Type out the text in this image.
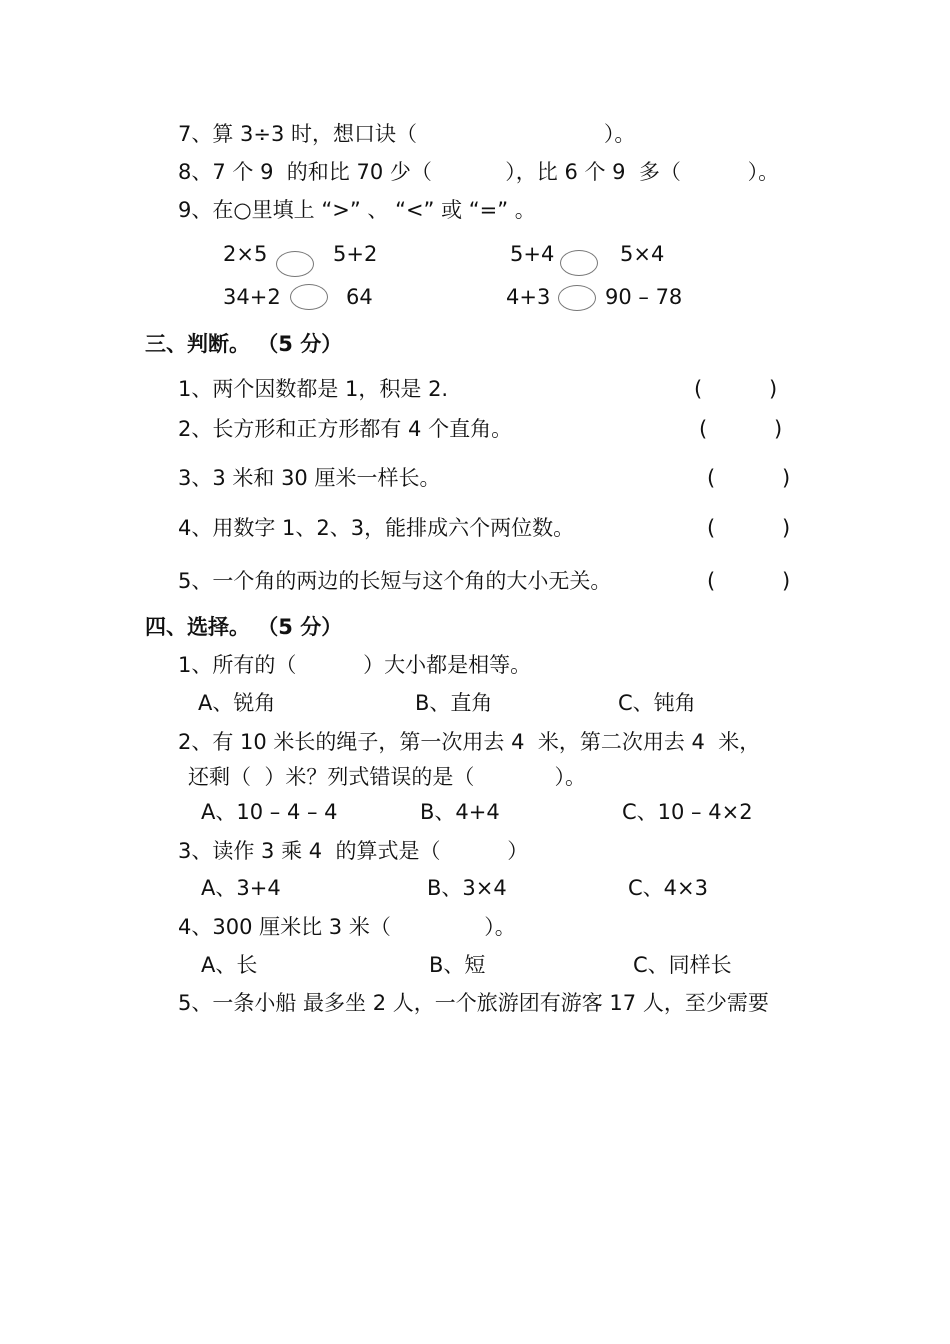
7、算 3÷3 时，想口诀（                            ）。
8、7 个 9  的和比 70 少（           ），比 6 个 9  多（          ）。
9、在○里填上 “>” 、 “<” 或 “=” 。
2×5	5+2	5+4	5×4
34+2	64	4+3	90 – 78
三、判断。 （5 分）
1、两个因数都是 1，积是 2.	(          )
2、长方形和正方形都有 4 个直角。	(          )
3、3 米和 30 厘米一样长。	(          )
4、用数字 1、2、3，能排成六个两位数。	(          )
5、一个角的两边的长短与这个角的大小无关。	(          )
四、选择。 （5 分）
1、所有的（          ）大小都是相等。
A、锐角	B、直角	C、钝角
2、有 10 米长的绳子，第一次用去 4  米，第二次用去 4  米，
还剩（  ）米？列式错误的是（            ）。
A、10 – 4 – 4	B、4+4	C、10 – 4×2
3、读作 3 乘 4  的算式是（          ）
A、3+4	B、3×4	C、4×3
4、300 厘米比 3 米（              ）。
A、长	B、短	C、同样长
5、一条小船 最多坐 2 人，一个旅游团有游客 17 人，至少需要
